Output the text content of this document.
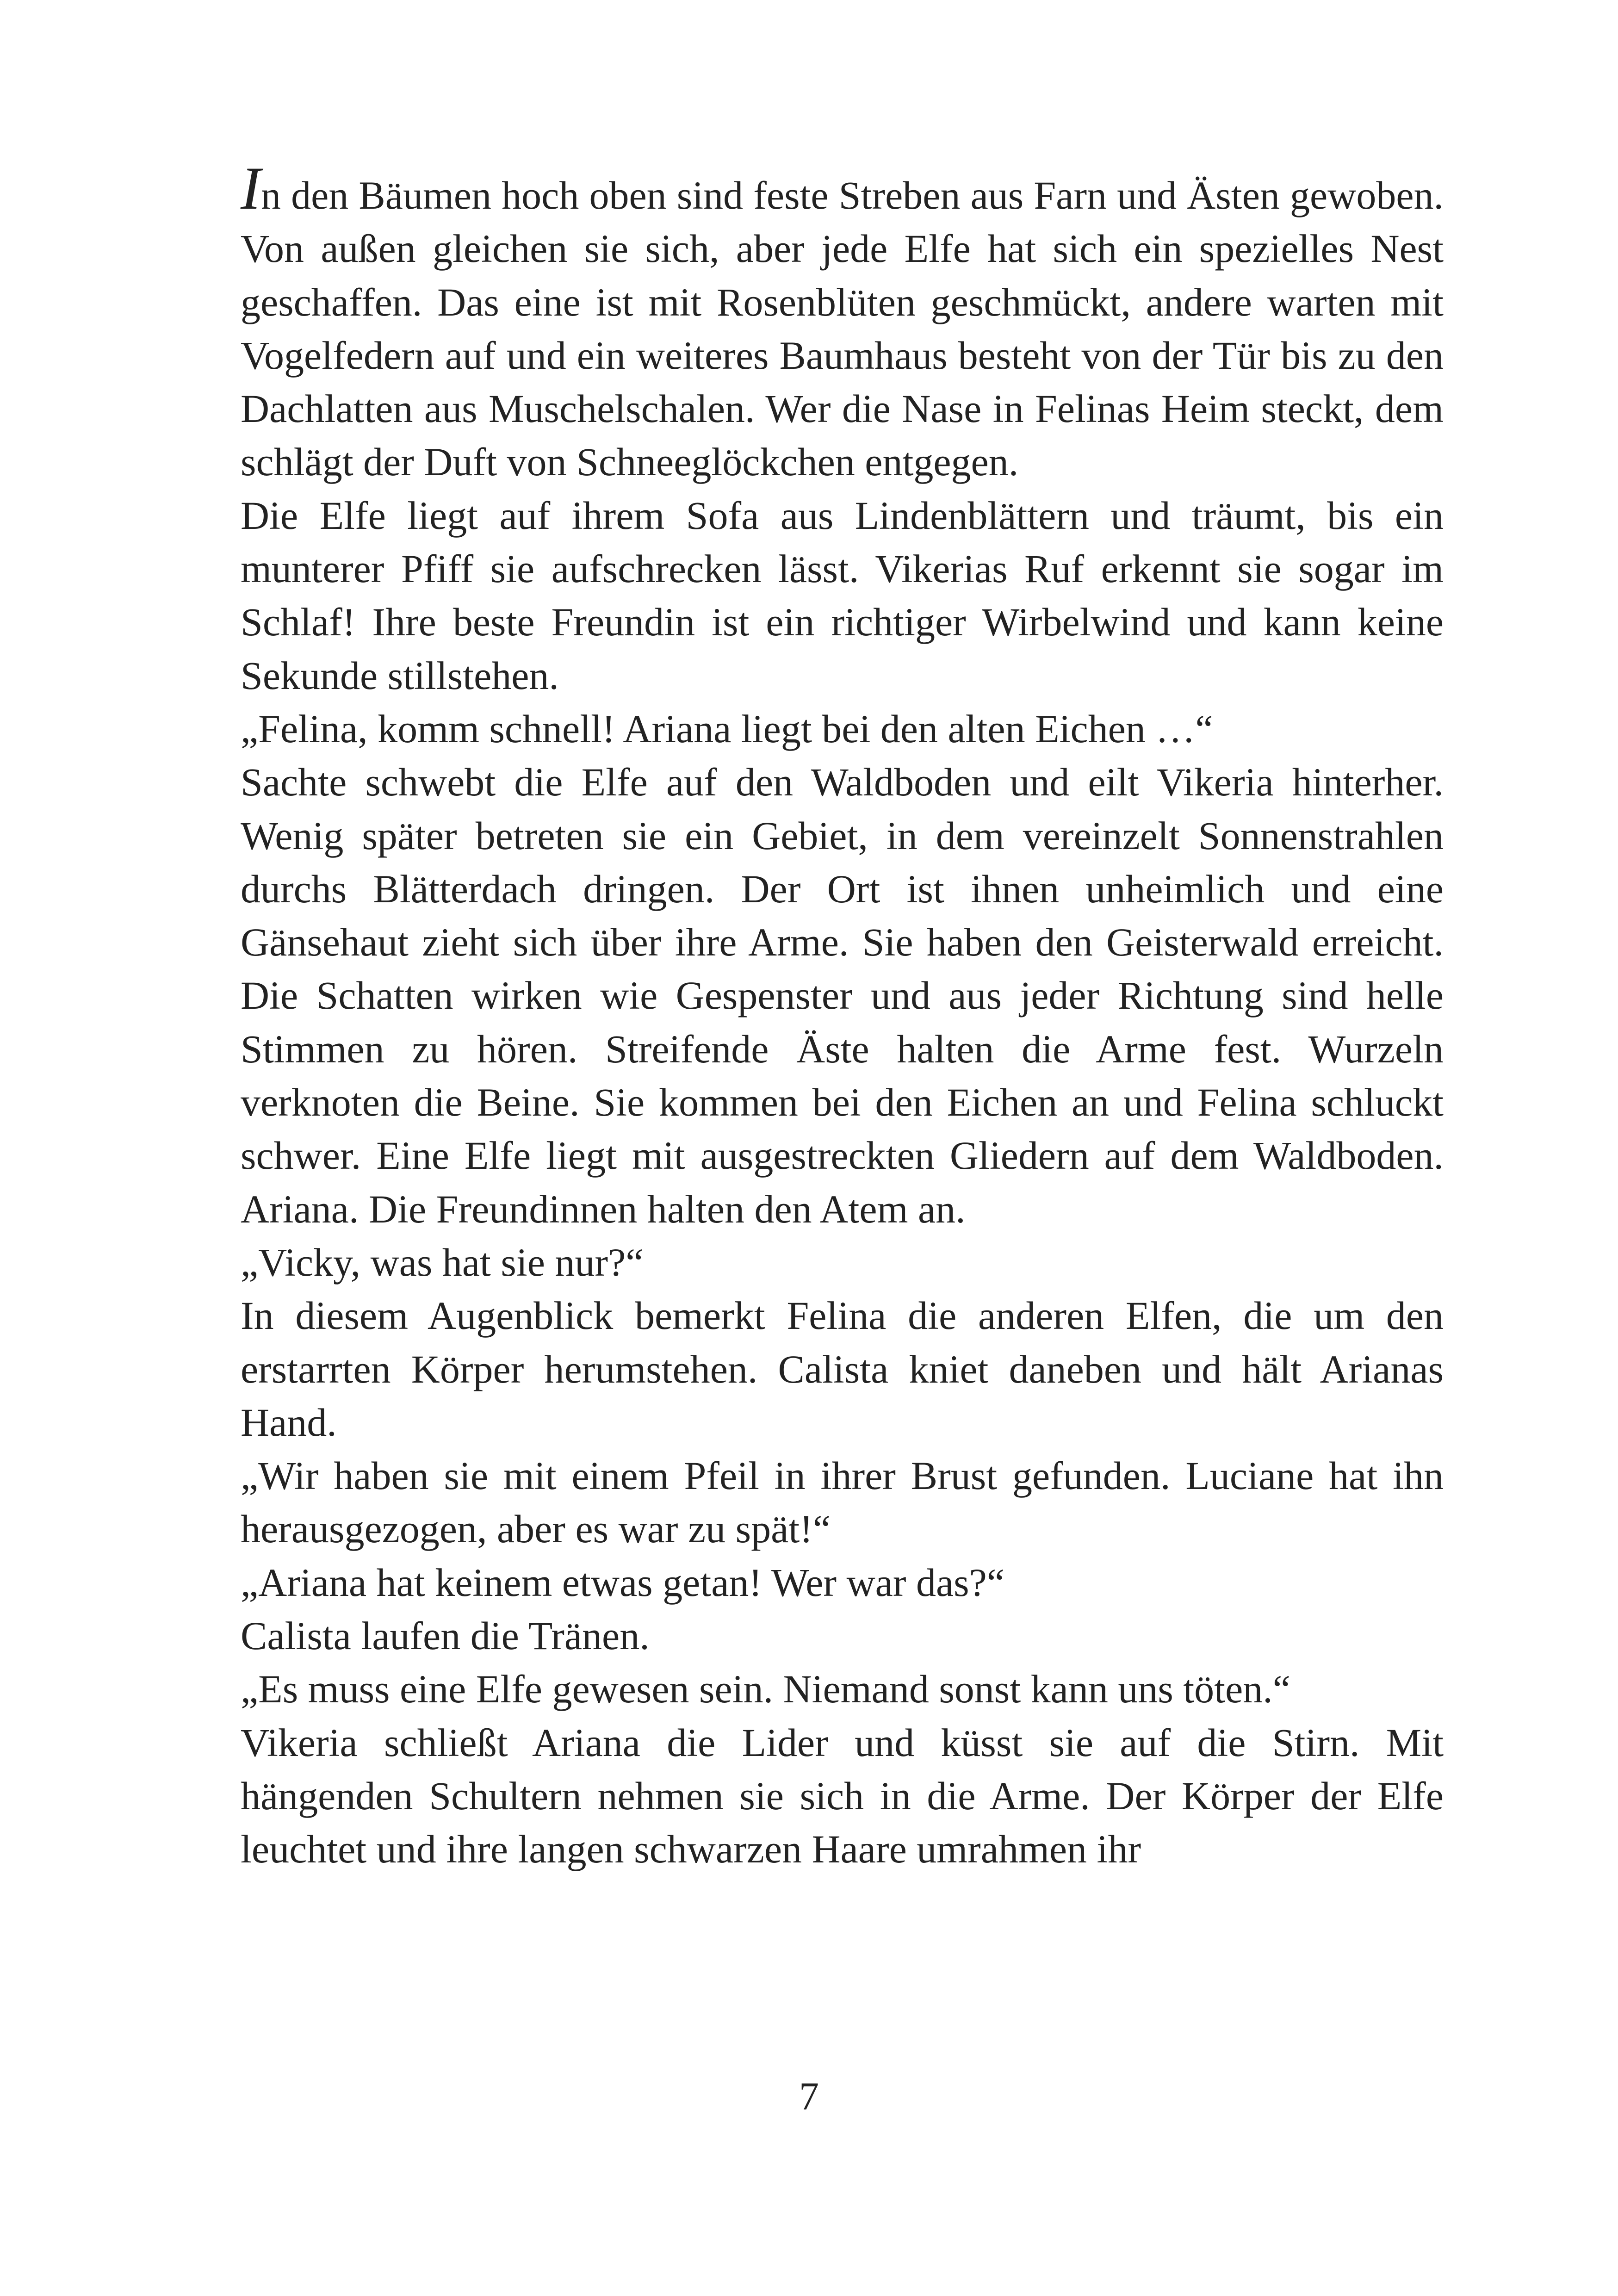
In den Bäumen hoch oben sind feste Streben aus Farn und Ästen gewoben. Von außen gleichen sie sich, aber jede Elfe hat sich ein spezielles Nest geschaffen. Das eine ist mit Rosenblüten geschmückt, andere warten mit Vogelfedern auf und ein weiteres Baumhaus besteht von der Tür bis zu den Dachlatten aus Muschelschalen. Wer die Nase in Felinas Heim steckt, dem schlägt der Duft von Schneeglöckchen entgegen.

Die Elfe liegt auf ihrem Sofa aus Lindenblättern und träumt, bis ein munterer Pfiff sie aufschrecken lässt. Vikerias Ruf erkennt sie sogar im Schlaf! Ihre beste Freundin ist ein richtiger Wirbelwind und kann keine Sekunde stillstehen.

„Felina, komm schnell! Ariana liegt bei den alten Eichen …“

Sachte schwebt die Elfe auf den Waldboden und eilt Vikeria hinterher. Wenig später betreten sie ein Gebiet, in dem vereinzelt Sonnenstrahlen durchs Blätterdach dringen. Der Ort ist ihnen unheimlich und eine Gänsehaut zieht sich über ihre Arme. Sie haben den Geisterwald erreicht. Die Schatten wirken wie Gespenster und aus jeder Richtung sind helle Stimmen zu hören. Streifende Äste halten die Arme fest. Wurzeln verknoten die Beine. Sie kommen bei den Eichen an und Felina schluckt schwer. Eine Elfe liegt mit ausgestreckten Gliedern auf dem Waldboden. Ariana. Die Freundinnen halten den Atem an.

„Vicky, was hat sie nur?“

In diesem Augenblick bemerkt Felina die anderen Elfen, die um den erstarrten Körper herumstehen. Calista kniet daneben und hält Arianas Hand.

„Wir haben sie mit einem Pfeil in ihrer Brust gefunden. Luciane hat ihn herausgezogen, aber es war zu spät!“

„Ariana hat keinem etwas getan! Wer war das?“

Calista laufen die Tränen.

„Es muss eine Elfe gewesen sein. Niemand sonst kann uns töten.“

Vikeria schließt Ariana die Lider und küsst sie auf die Stirn. Mit hängenden Schultern nehmen sie sich in die Arme. Der Körper der Elfe leuchtet und ihre langen schwarzen Haare umrahmen ihr

7
